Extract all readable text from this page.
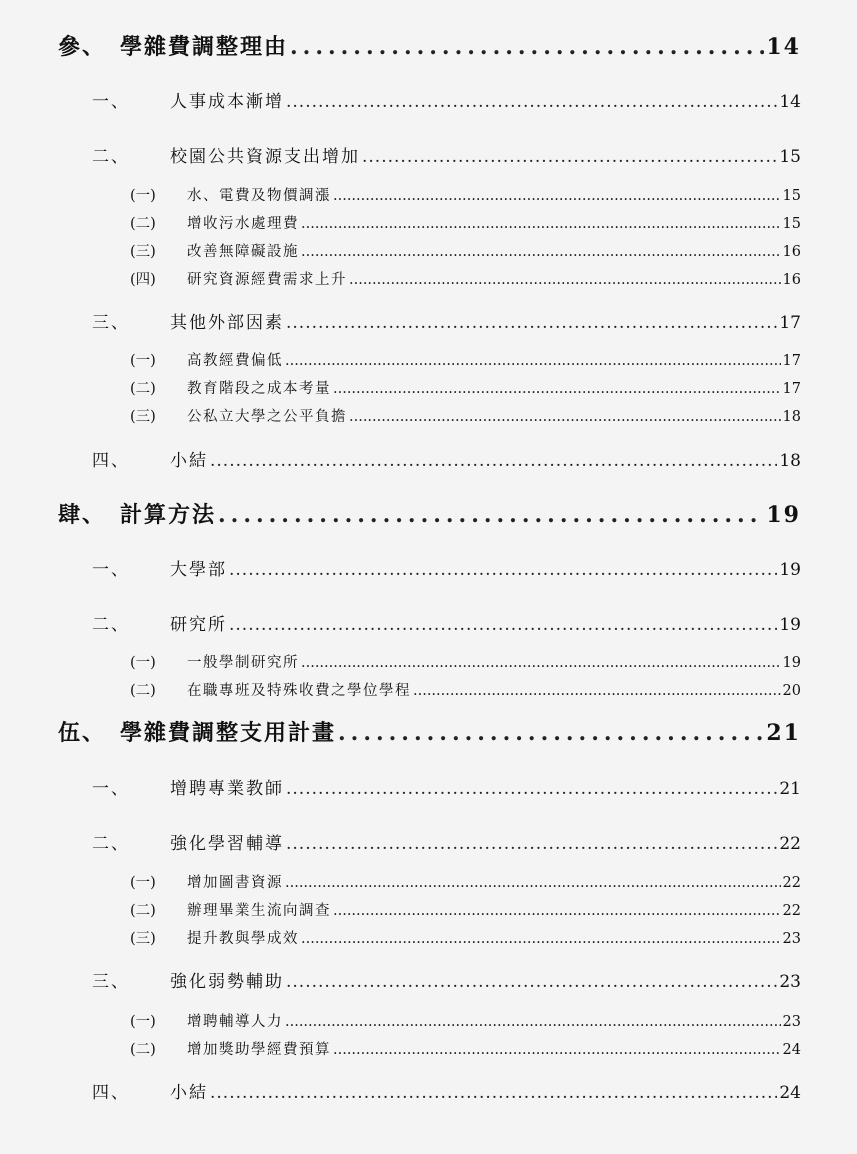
參、 學雜費調整理由 .....	14
一、	人事成本漸增 .....	14
二、	校園公共資源支出增加 .....	15
(一)	水、電費及物價調漲 .....	15
(二)	增收污水處理費 .....	15
(三)	改善無障礙設施 .....	16
(四)	研究資源經費需求上升 .....	16
三、	其他外部因素 .....	17
(一)	高教經費偏低 .....	17
(二)	教育階段之成本考量 .....	17
(三)	公私立大學之公平負擔 .....	18
四、	小結 .....	18
肆、 計算方法 .....	19
一、	大學部 .....	19
二、	研究所 .....	19
(一)	一般學制研究所 .....	19
(二)	在職專班及特殊收費之學位學程 .....	20
伍、 學雜費調整支用計畫 .....	21
一、	增聘專業教師 .....	21
二、	強化學習輔導 .....	22
(一)	增加圖書資源 .....	22
(二)	辦理畢業生流向調查 .....	22
(三)	提升教與學成效 .....	23
三、	強化弱勢輔助 .....	23
(一)	增聘輔導人力 .....	23
(二)	增加獎助學經費預算 .....	24
四、	小結 .....	24
